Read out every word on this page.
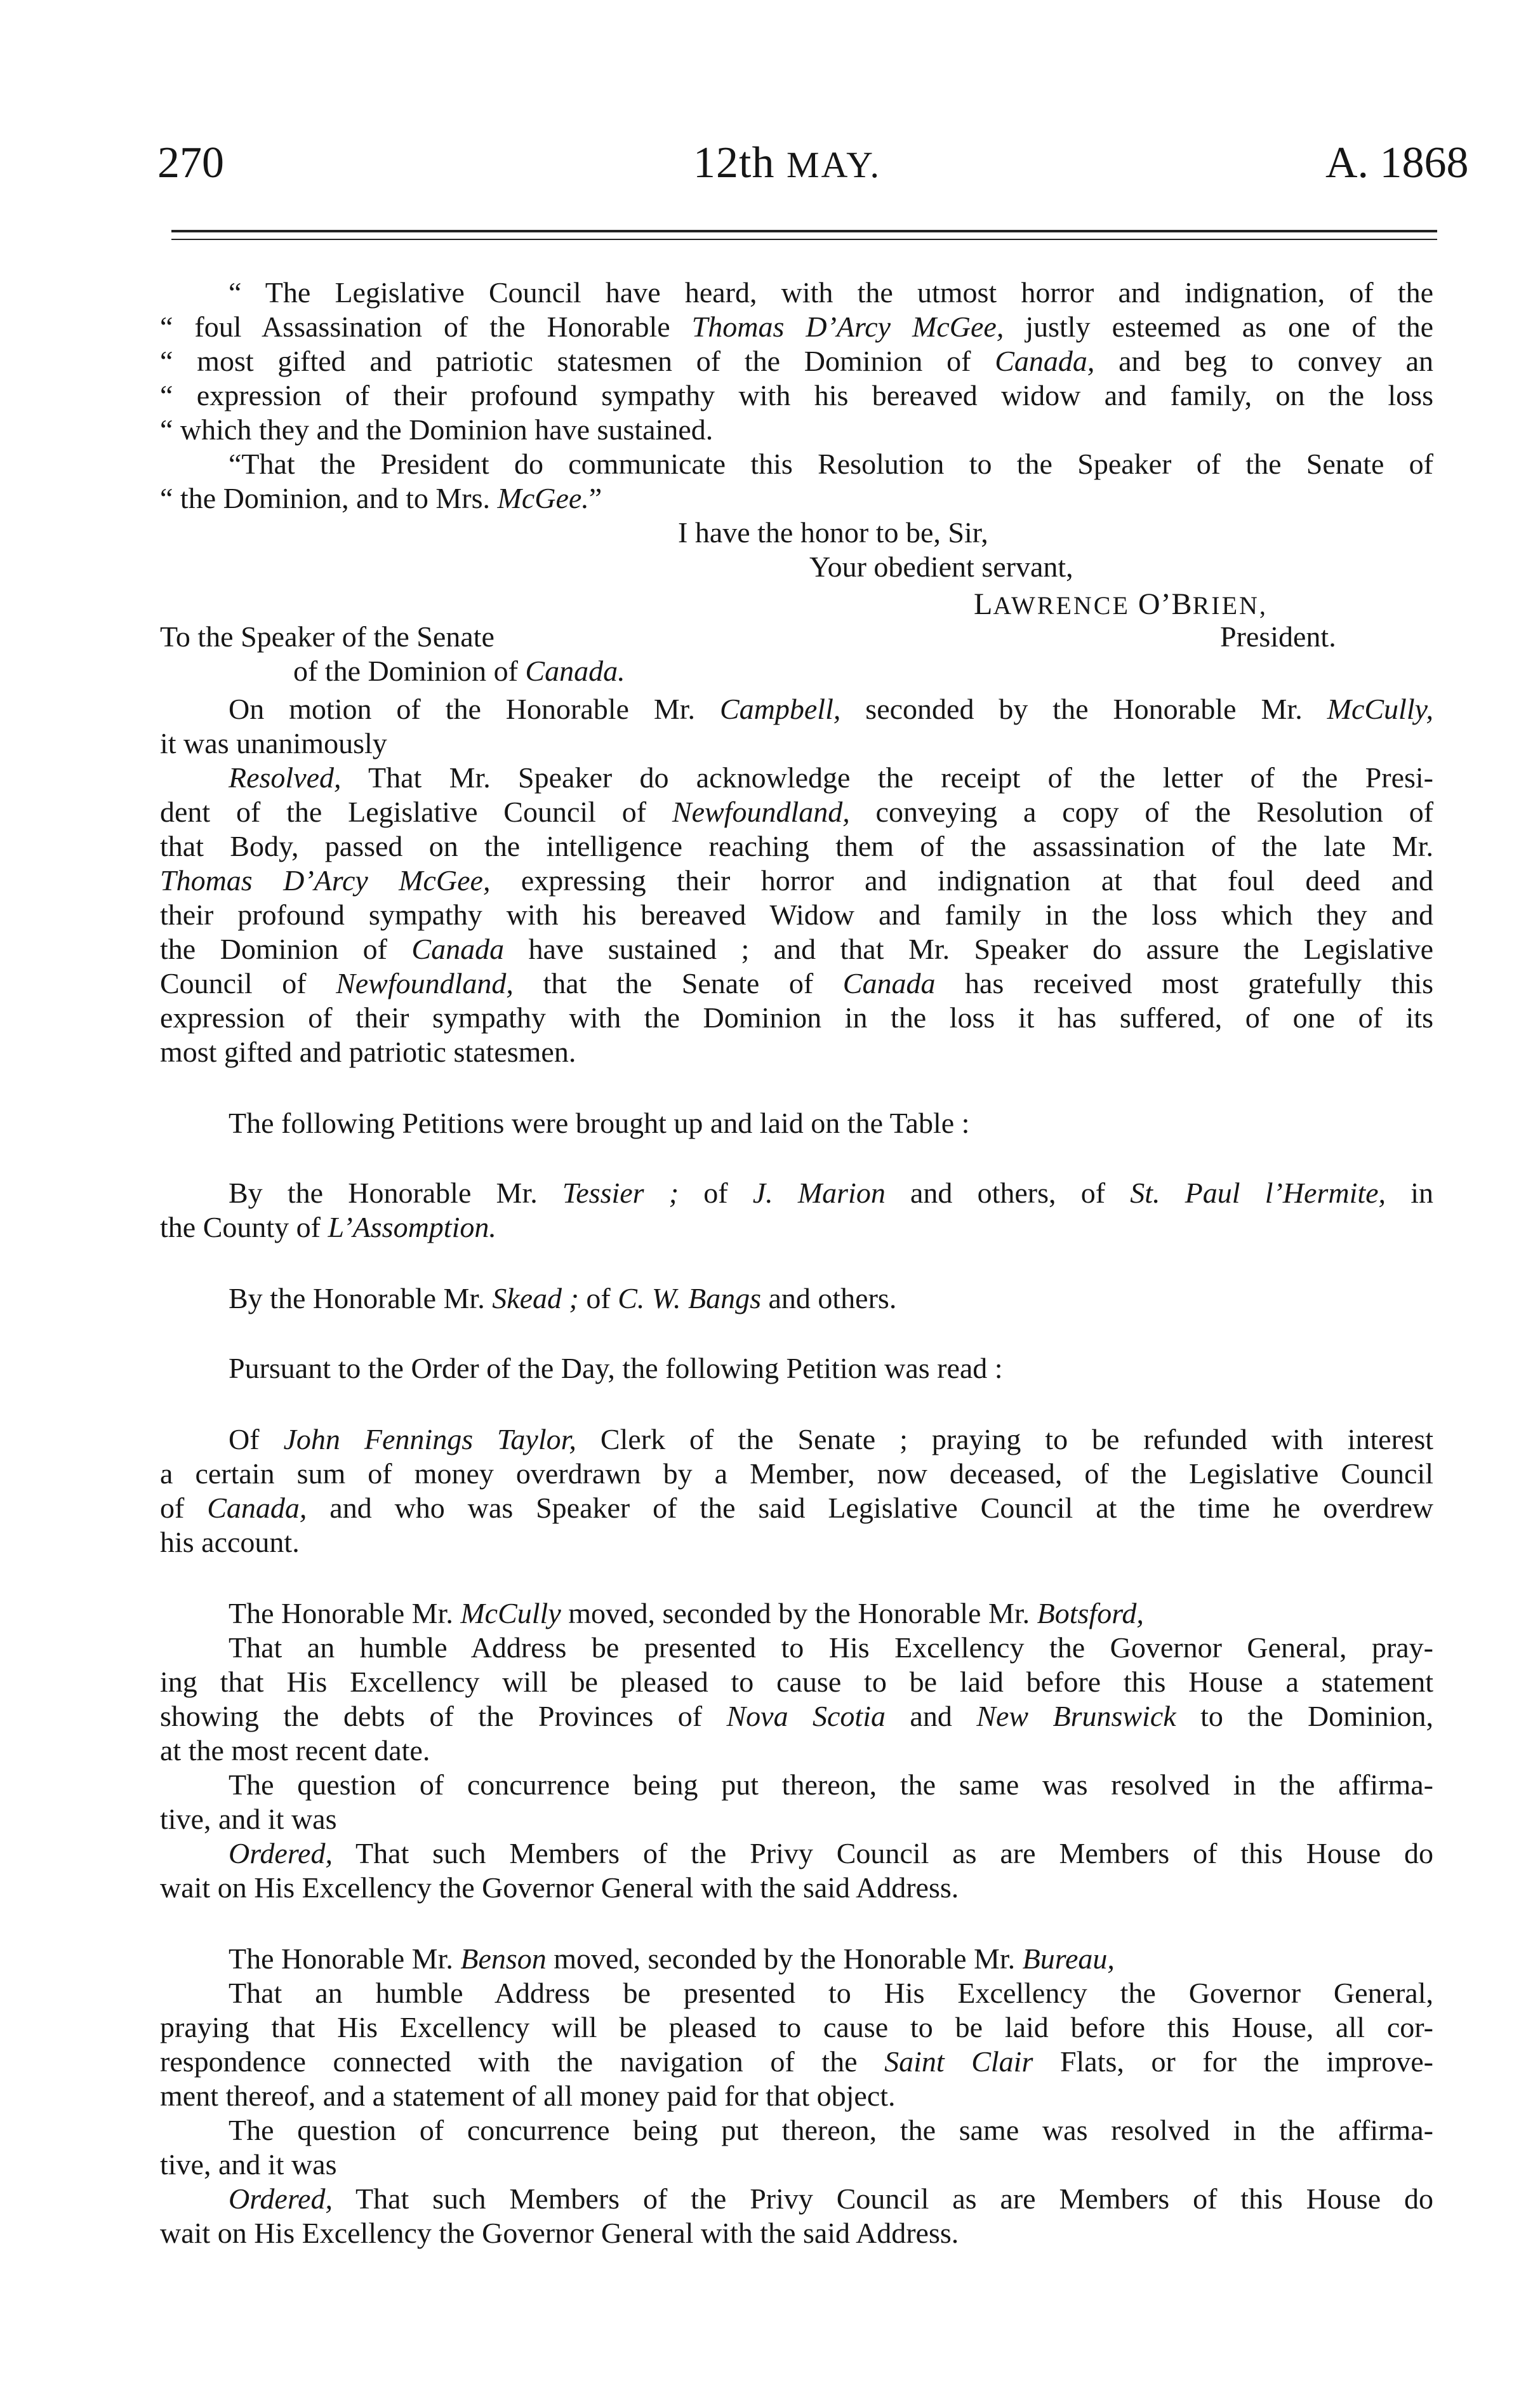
270	12th MAY.	A. 1868
“ The Legislative Council have heard, with the utmost horror and indignation, of the
“ foul Assassination of the Honorable Thomas D’Arcy McGee, justly esteemed as one of the
“ most gifted and patriotic statesmen of the Dominion of Canada, and beg to convey an
“ expression of their profound sympathy with his bereaved widow and family, on the loss
“ which they and the Dominion have sustained.
“That the President do communicate this Resolution to the Speaker of the Senate of
“ the Dominion, and to Mrs. McGee.”
I have the honor to be, Sir,
Your obedient servant,
LAWRENCE O’BRIEN,
To the Speaker of the Senate	President.
of the Dominion of Canada.
On motion of the Honorable Mr. Campbell, seconded by the Honorable Mr. McCully,
it was unanimously
Resolved, That Mr. Speaker do acknowledge the receipt of the letter of the Presi-
dent of the Legislative Council of Newfoundland, conveying a copy of the Resolution of
that Body, passed on the intelligence reaching them of the assassination of the late Mr.
Thomas D’Arcy McGee, expressing their horror and indignation at that foul deed and
their profound sympathy with his bereaved Widow and family in the loss which they and
the Dominion of Canada have sustained ; and that Mr. Speaker do assure the Legislative
Council of Newfoundland, that the Senate of Canada has received most gratefully this
expression of their sympathy with the Dominion in the loss it has suffered, of one of its
most gifted and patriotic statesmen.
The following Petitions were brought up and laid on the Table :
By the Honorable Mr. Tessier ; of J. Marion and others, of St. Paul l’Hermite, in
the County of L’Assomption.
By the Honorable Mr. Skead ; of C. W. Bangs and others.
Pursuant to the Order of the Day, the following Petition was read :
Of John Fennings Taylor, Clerk of the Senate ; praying to be refunded with interest
a certain sum of money overdrawn by a Member, now deceased, of the Legislative Council
of Canada, and who was Speaker of the said Legislative Council at the time he overdrew
his account.
The Honorable Mr. McCully moved, seconded by the Honorable Mr. Botsford,
That an humble Address be presented to His Excellency the Governor General, pray-
ing that His Excellency will be pleased to cause to be laid before this House a statement
showing the debts of the Provinces of Nova Scotia and New Brunswick to the Dominion,
at the most recent date.
The question of concurrence being put thereon, the same was resolved in the affirma-
tive, and it was
Ordered, That such Members of the Privy Council as are Members of this House do
wait on His Excellency the Governor General with the said Address.
The Honorable Mr. Benson moved, seconded by the Honorable Mr. Bureau,
That an humble Address be presented to His Excellency the Governor General,
praying that His Excellency will be pleased to cause to be laid before this House, all cor-
respondence connected with the navigation of the Saint Clair Flats, or for the improve-
ment thereof, and a statement of all money paid for that object.
The question of concurrence being put thereon, the same was resolved in the affirma-
tive, and it was
Ordered, That such Members of the Privy Council as are Members of this House do
wait on His Excellency the Governor General with the said Address.
